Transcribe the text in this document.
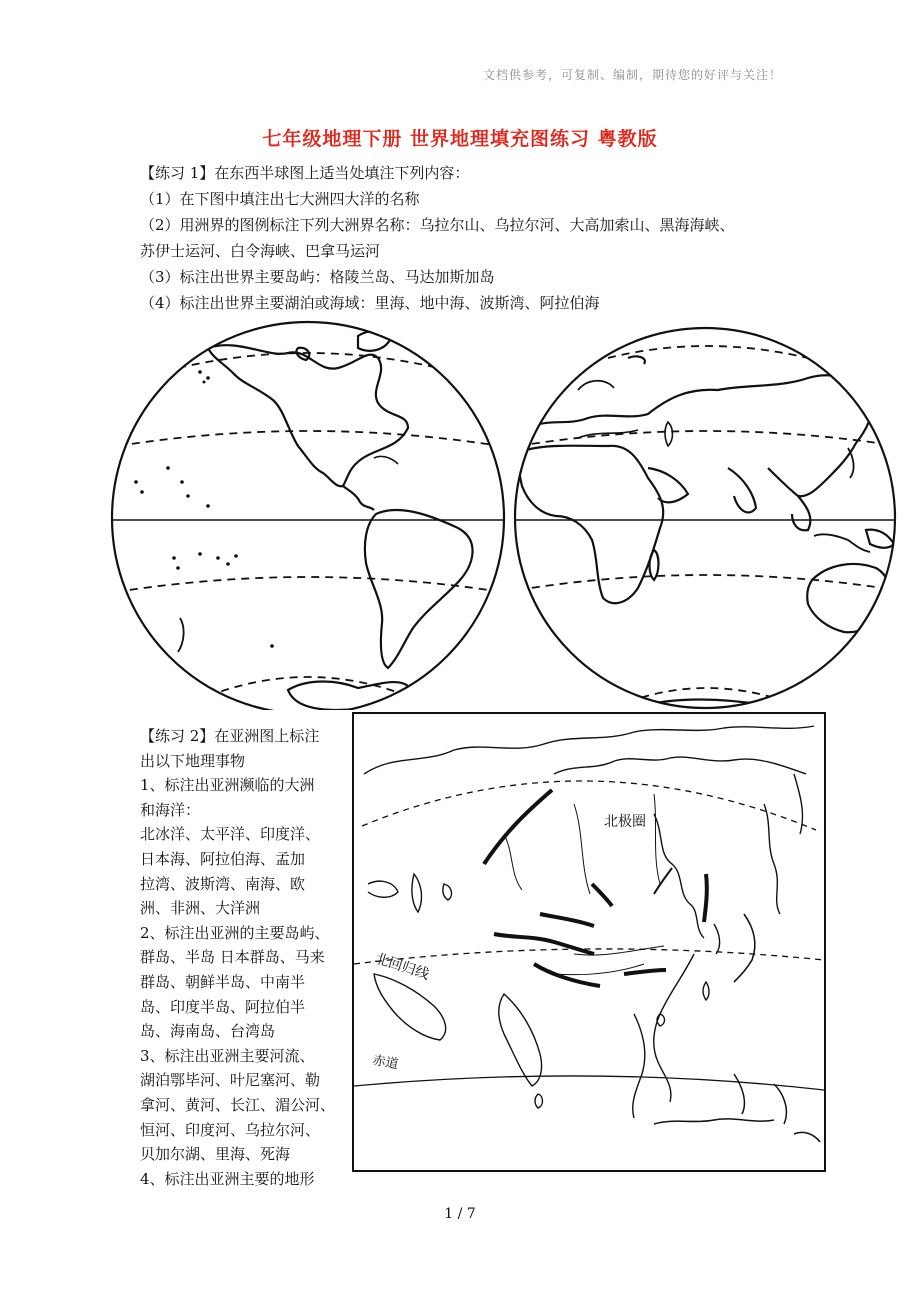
文档供参考，可复制、编制，期待您的好评与关注！
七年级地理下册 世界地理填充图练习 粤教版

【练习 1】在东西半球图上适当处填注下列内容：

（1）在下图中填注出七大洲四大洋的名称

（2）用洲界的图例标注下列大洲界名称：乌拉尔山、乌拉尔河、大高加索山、黑海海峡、

苏伊士运河、白令海峡、巴拿马运河

（3）标注出世界主要岛屿：格陵兰岛、马达加斯加岛

（4）标注出世界主要湖泊或海域：里海、地中海、波斯湾、阿拉伯海

【练习 2】在亚洲图上标注

出以下地理事物

1、标注出亚洲濒临的大洲

和海洋：

北冰洋、太平洋、印度洋、

日本海、阿拉伯海、孟加

拉湾、波斯湾、南海、欧

洲、非洲、大洋洲

2、标注出亚洲的主要岛屿、

群岛、半岛 日本群岛、马来

群岛、朝鲜半岛、中南半

岛、印度半岛、阿拉伯半

岛、海南岛、台湾岛

3、标注出亚洲主要河流、

湖泊鄂毕河、叶尼塞河、勒

拿河、黄河、长江、湄公河、

恒河、印度河、乌拉尔河、

贝加尔湖、里海、死海

4、标注出亚洲主要的地形

北极圈
北回归线
赤道
1 / 7
